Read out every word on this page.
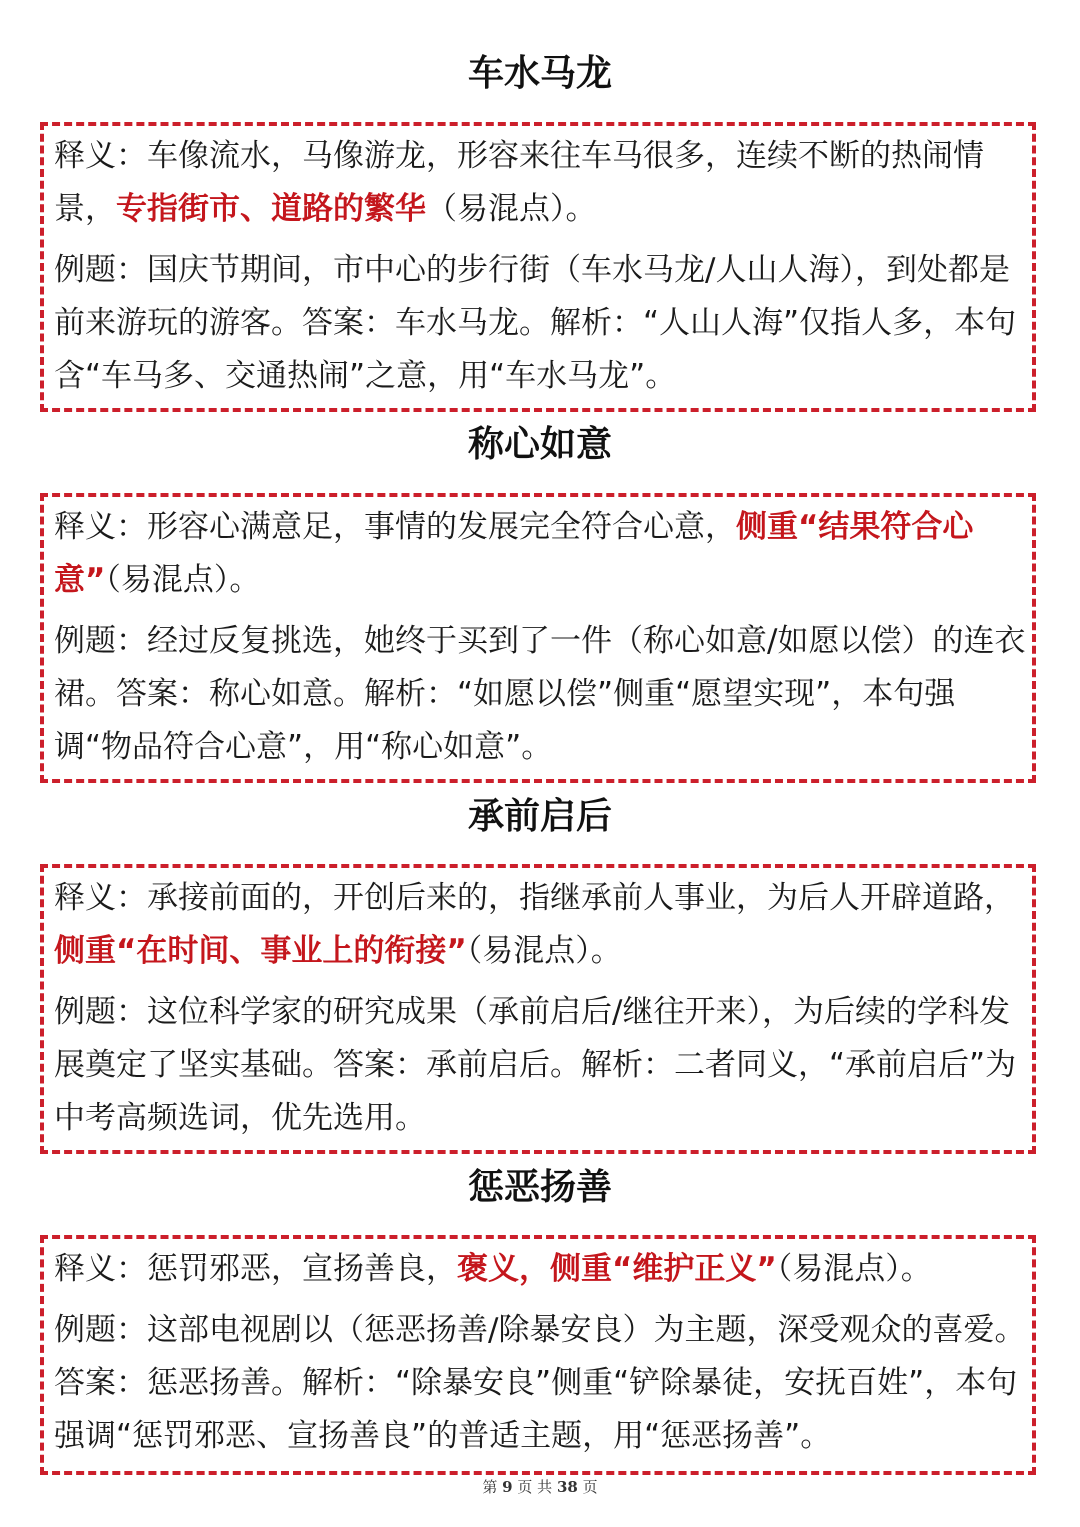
车水马龙

释义：车像流水，马像游龙，形容来往车马很多，连续不断的热闹情景，专指街市、道路的繁华（易混点）。

例题：国庆节期间，市中心的步行街（车水马龙/人山人海），到处都是前来游玩的游客。答案：车水马龙。解析：“人山人海”仅指人多，本句含“车马多、交通热闹”之意，用“车水马龙”。

称心如意

释义：形容心满意足，事情的发展完全符合心意，侧重“结果符合心意”（易混点）。

例题：经过反复挑选，她终于买到了一件（称心如意/如愿以偿）的连衣裙。答案：称心如意。解析：“如愿以偿”侧重“愿望实现”，本句强调“物品符合心意”，用“称心如意”。

承前启后

释义：承接前面的，开创后来的，指继承前人事业，为后人开辟道路，侧重“在时间、事业上的衔接”（易混点）。

例题：这位科学家的研究成果（承前启后/继往开来），为后续的学科发展奠定了坚实基础。答案：承前启后。解析：二者同义，“承前启后”为中考高频选词，优先选用。

惩恶扬善

释义：惩罚邪恶，宣扬善良，褒义，侧重“维护正义”（易混点）。

例题：这部电视剧以（惩恶扬善/除暴安良）为主题，深受观众的喜爱。答案：惩恶扬善。解析：“除暴安良”侧重“铲除暴徒，安抚百姓”，本句强调“惩罚邪恶、宣扬善良”的普适主题，用“惩恶扬善”。

第 9 页 共 38 页
